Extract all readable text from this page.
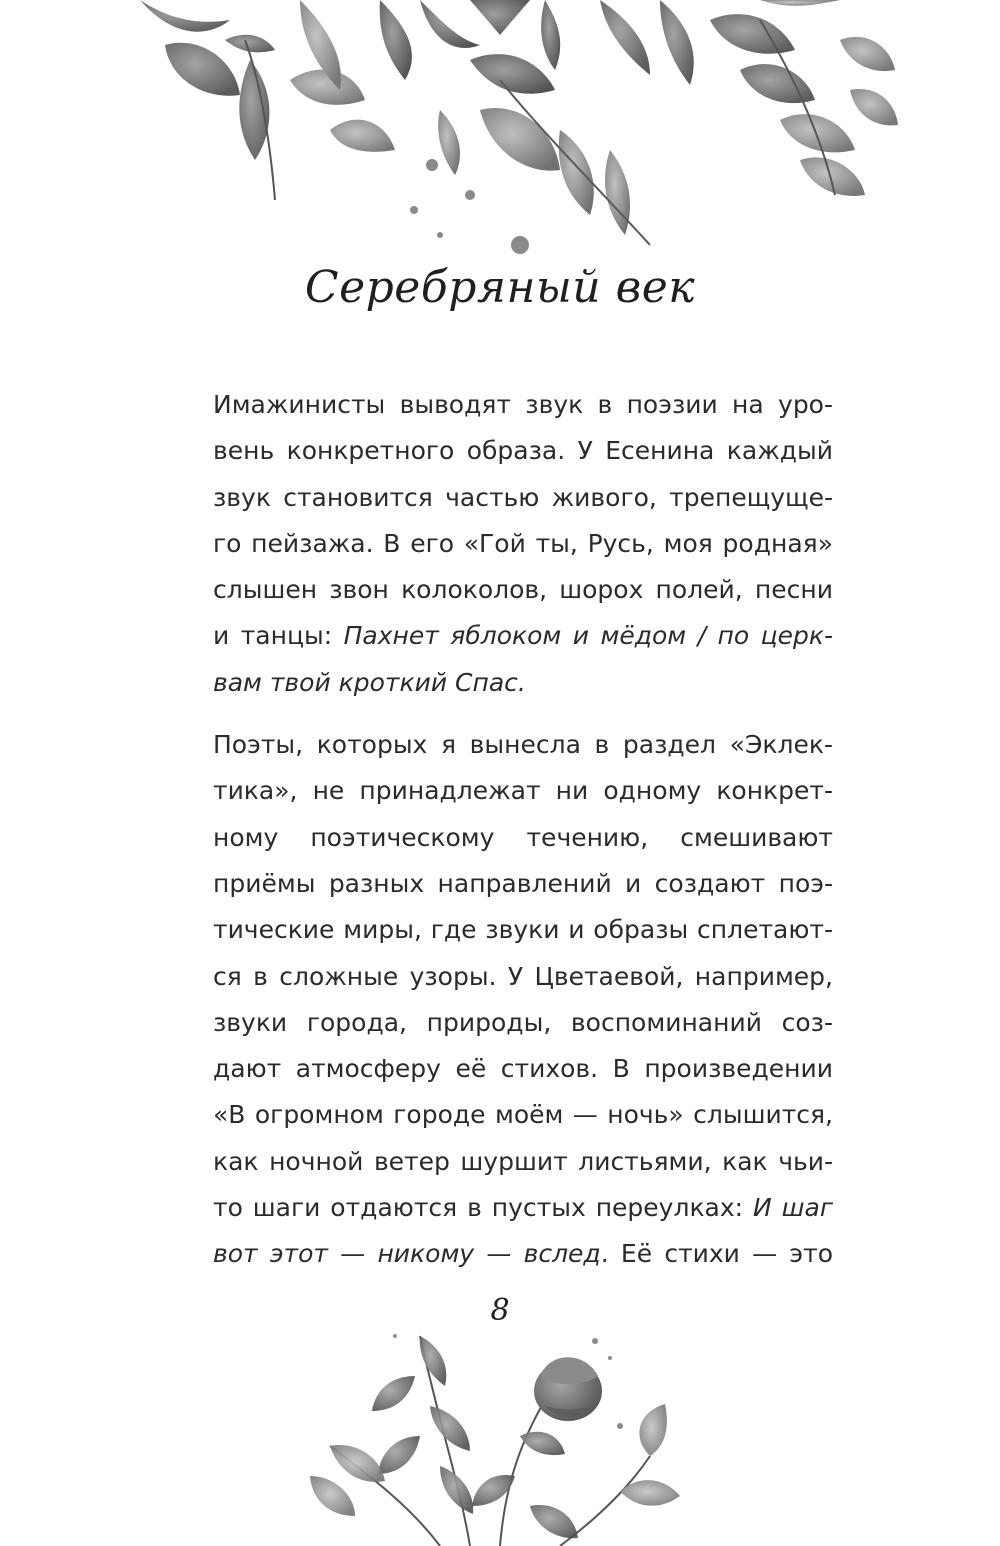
Серебряный век

Имажинисты выводят звук в поэзии на уро-
вень конкретного образа. У Есенина каждый
звук становится частью живого, трепещуще-
го пейзажа. В его «Гой ты, Русь, моя родная»
слышен звон колоколов, шорох полей, песни
и танцы: Пахнет яблоком и мёдом / по церк-
вам твой кроткий Спас.

Поэты, которых я вынесла в раздел «Эклек-
тика», не принадлежат ни одному конкрет-
ному поэтическому течению, смешивают
приёмы разных направлений и создают поэ-
тические миры, где звуки и образы сплетают-
ся в сложные узоры. У Цветаевой, например,
звуки города, природы, воспоминаний соз-
дают атмосферу её стихов. В произведении
«В огромном городе моём — ночь» слышится,
как ночной ветер шуршит листьями, как чьи-
то шаги отдаются в пустых переулках: И шаг
вот этот — никому — вслед. Её стихи — это

8
